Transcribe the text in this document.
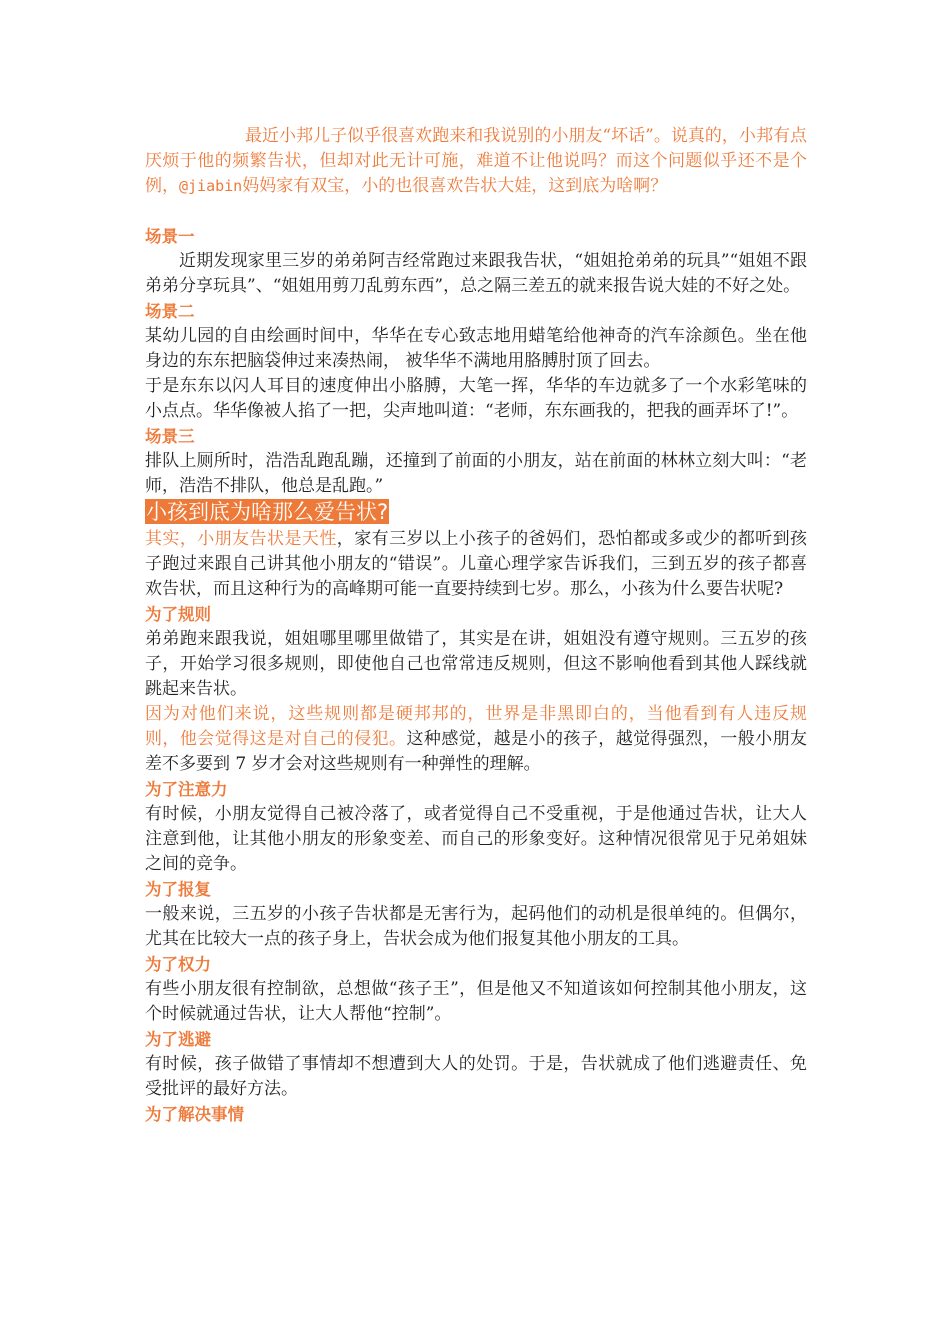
最近小邦儿子似乎很喜欢跑来和我说别的小朋友“坏话”。说真的，小邦有点厌烦于他的频繁告状，但却对此无计可施，难道不让他说吗？而这个问题似乎还不是个例，@jiabin妈妈家有双宝，小的也很喜欢告状大娃，这到底为啥啊？

场景一

近期发现家里三岁的弟弟阿吉经常跑过来跟我告状，“姐姐抢弟弟的玩具”“姐姐不跟弟弟分享玩具”、“姐姐用剪刀乱剪东西”，总之隔三差五的就来报告说大娃的不好之处。

场景二

某幼儿园的自由绘画时间中，华华在专心致志地用蜡笔给他神奇的汽车涂颜色。坐在他身边的东东把脑袋伸过来凑热闹， 被华华不满地用胳膊肘顶了回去。

于是东东以闪人耳目的速度伸出小胳膊，大笔一挥，华华的车边就多了一个水彩笔味的小点点。华华像被人掐了一把，尖声地叫道：“老师，东东画我的，把我的画弄坏了!”。

场景三

排队上厕所时，浩浩乱跑乱蹦，还撞到了前面的小朋友，站在前面的林林立刻大叫：“老师，浩浩不排队，他总是乱跑。”

小孩到底为啥那么爱告状?

其实，小朋友告状是天性，家有三岁以上小孩子的爸妈们，恐怕都或多或少的都听到孩子跑过来跟自己讲其他小朋友的“错误”。儿童心理学家告诉我们，三到五岁的孩子都喜欢告状，而且这种行为的高峰期可能一直要持续到七岁。那么，小孩为什么要告状呢?

为了规则

弟弟跑来跟我说，姐姐哪里哪里做错了，其实是在讲，姐姐没有遵守规则。三五岁的孩子，开始学习很多规则，即使他自己也常常违反规则，但这不影响他看到其他人踩线就跳起来告状。

因为对他们来说，这些规则都是硬邦邦的，世界是非黑即白的，当他看到有人违反规则，他会觉得这是对自己的侵犯。这种感觉，越是小的孩子，越觉得强烈，一般小朋友差不多要到 7 岁才会对这些规则有一种弹性的理解。

为了注意力

有时候，小朋友觉得自己被冷落了，或者觉得自己不受重视，于是他通过告状，让大人注意到他，让其他小朋友的形象变差、而自己的形象变好。这种情况很常见于兄弟姐妹之间的竞争。

为了报复

一般来说，三五岁的小孩子告状都是无害行为，起码他们的动机是很单纯的。但偶尔，尤其在比较大一点的孩子身上，告状会成为他们报复其他小朋友的工具。

为了权力

有些小朋友很有控制欲，总想做“孩子王”，但是他又不知道该如何控制其他小朋友，这个时候就通过告状，让大人帮他“控制”。

为了逃避

有时候，孩子做错了事情却不想遭到大人的处罚。于是，告状就成了他们逃避责任、免受批评的最好方法。

为了解决事情
